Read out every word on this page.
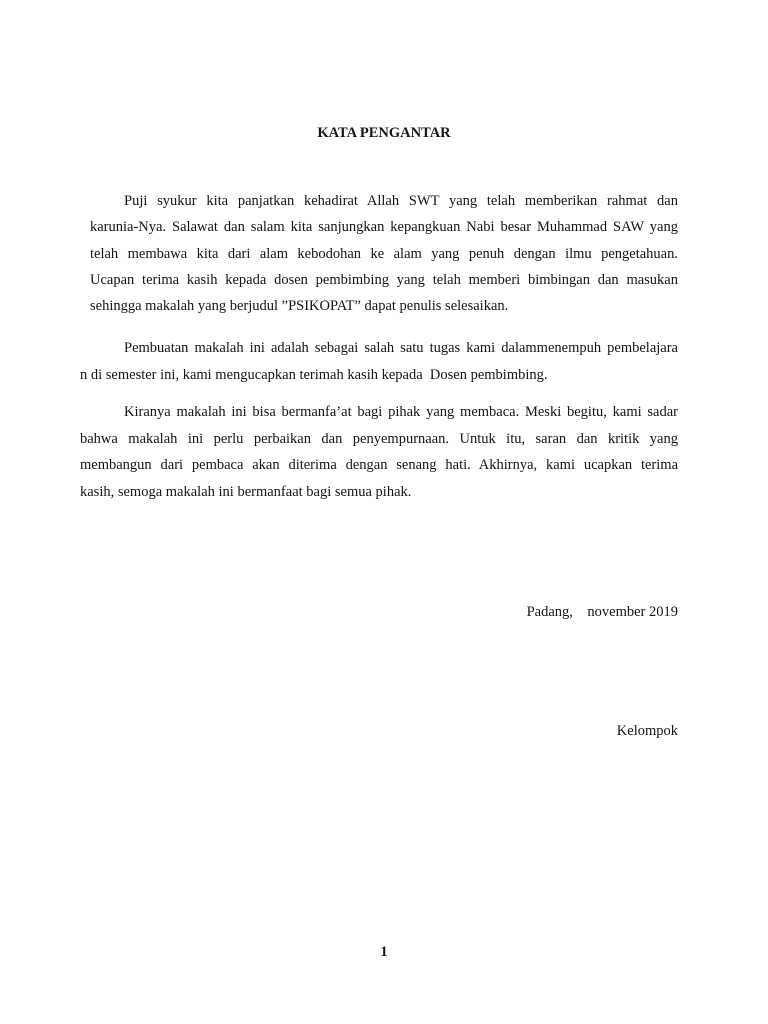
KATA PENGANTAR
Puji syukur kita panjatkan kehadirat Allah SWT yang telah memberikan rahmat dan
karunia-Nya. Salawat dan salam kita sanjungkan kepangkuan Nabi besar Muhammad SAW yang
telah membawa kita dari alam kebodohan ke alam yang penuh dengan ilmu pengetahuan.
Ucapan terima kasih kepada dosen pembimbing yang telah memberi bimbingan dan masukan
sehingga makalah yang berjudul ”PSIKOPAT” dapat penulis selesaikan.
Pembuatan makalah ini adalah sebagai salah satu tugas kami dalammenempuh pembelajara
n di semester ini, kami mengucapkan terimah kasih kepada  Dosen pembimbing.
Kiranya makalah ini bisa bermanfa’at bagi pihak yang membaca. Meski begitu, kami sadar
bahwa makalah ini perlu perbaikan dan penyempurnaan. Untuk itu, saran dan kritik yang
membangun dari pembaca akan diterima dengan senang hati. Akhirnya, kami ucapkan terima
kasih, semoga makalah ini bermanfaat bagi semua pihak.
Padang,    november 2019
Kelompok
1
